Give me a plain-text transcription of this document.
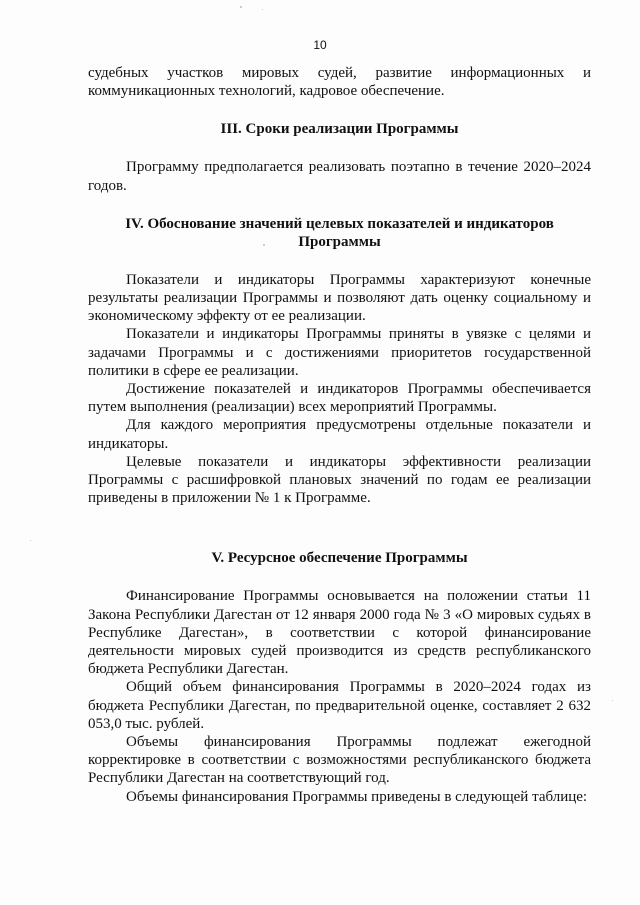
10

судебных участков мировых судей, развитие информационных и коммуникационных технологий, кадровое обеспечение.

III. Сроки реализации Программы

Программу предполагается реализовать поэтапно в течение 2020–2024 годов.

IV. Обоснование значений целевых показателей и индикаторов
Программы

Показатели и индикаторы Программы характеризуют конечные результаты реализации Программы и позволяют дать оценку социальному и экономическому эффекту от ее реализации.

Показатели и индикаторы Программы приняты в увязке с целями и задачами Программы и с достижениями приоритетов государственной политики в сфере ее реализации.

Достижение показателей и индикаторов Программы обеспечивается путем выполнения (реализации) всех мероприятий Программы.

Для каждого мероприятия предусмотрены отдельные показатели и индикаторы.

Целевые показатели и индикаторы эффективности реализации Программы с расшифровкой плановых значений по годам ее реализации приведены в приложении № 1 к Программе.

V. Ресурсное обеспечение Программы

Финансирование Программы основывается на положении статьи 11 Закона Республики Дагестан от 12 января 2000 года № 3 «О мировых судьях в Республике Дагестан», в соответствии с которой финансирование деятельности мировых судей производится из средств республиканского бюджета Республики Дагестан.

Общий объем финансирования Программы в 2020–2024 годах из бюджета Республики Дагестан, по предварительной оценке, составляет 2 632 053,0 тыс. рублей.

Объемы финансирования Программы подлежат ежегодной корректировке в соответствии с возможностями республиканского бюджета Республики Дагестан на соответствующий год.

Объемы финансирования Программы приведены в следующей таблице:
